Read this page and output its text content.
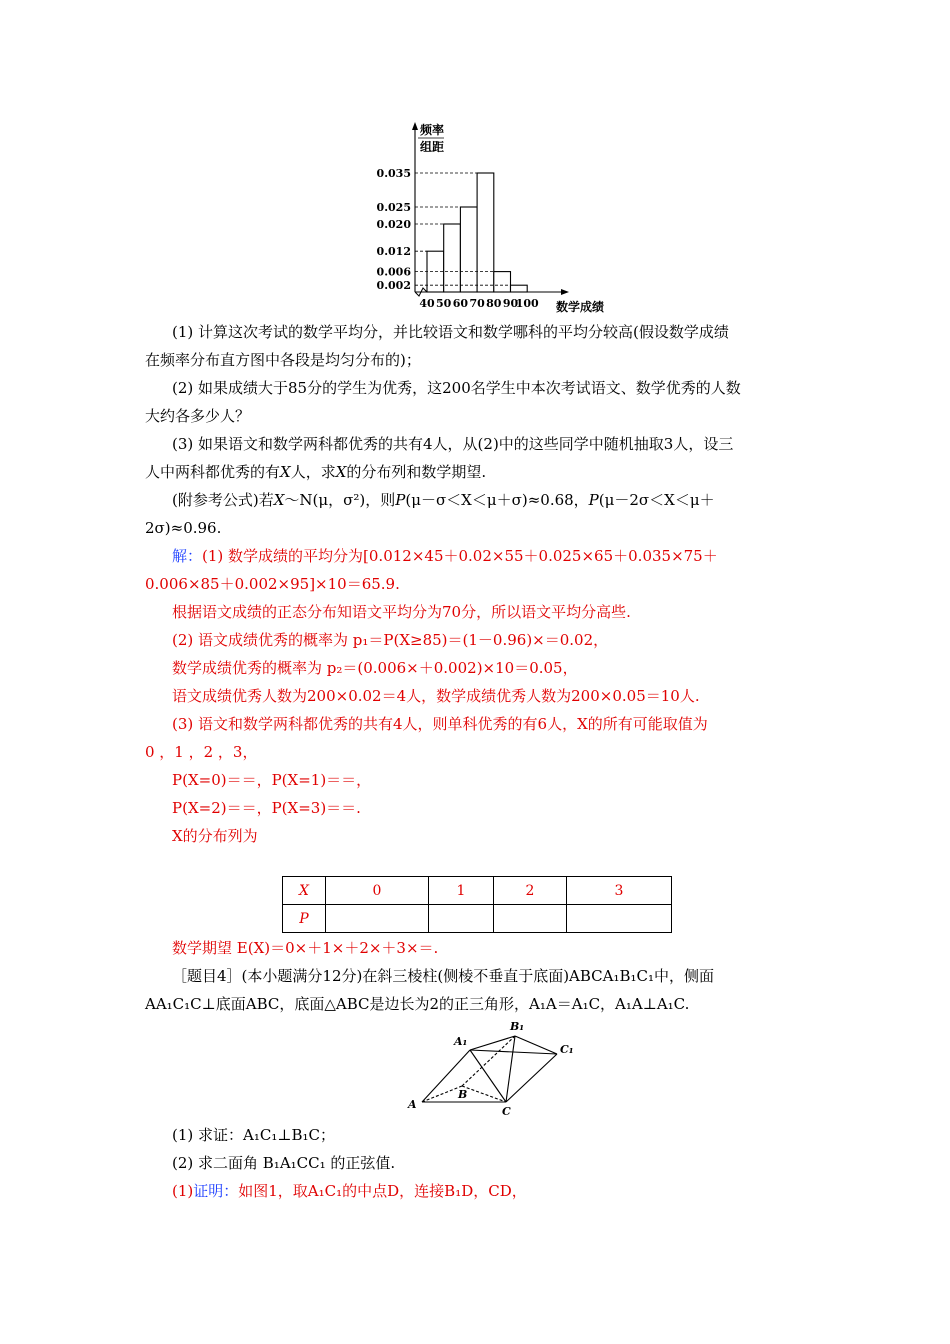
0.035
0.025
0.020
0.012
0.006
0.002
40 50 60 70 80 90
100
频率
组距
数学成绩
(1) 计算这次考试的数学平均分，并比较语文和数学哪科的平均分较高(假设数学成绩
在频率分布直方图中各段是均匀分布的)；
(2) 如果成绩大于85分的学生为优秀，这200名学生中本次考试语文、数学优秀的人数
大约各多少人？
(3) 如果语文和数学两科都优秀的共有4人，从(2)中的这些同学中随机抽取3人，设三
人中两科都优秀的有X人，求X的分布列和数学期望.
(附参考公式)若X～N(μ，σ²)，则P(μ－σ＜X＜μ＋σ)≈0.68，P(μ－2σ＜X＜μ＋
2σ)≈0.96.
解：(1) 数学成绩的平均分为[0.012×45＋0.02×55＋0.025×65＋0.035×75＋
0.006×85＋0.002×95]×10＝65.9.
根据语文成绩的正态分布知语文平均分为70分，所以语文平均分高些.
(2) 语文成绩优秀的概率为 p₁＝P(X≥85)＝(1－0.96)×＝0.02，
数学成绩优秀的概率为 p₂＝(0.006×＋0.002)×10＝0.05，
语文成绩优秀人数为200×0.02＝4人，数学成绩优秀人数为200×0.05＝10人.
(3) 语文和数学两科都优秀的共有4人，则单科优秀的有6人，X的所有可能取值为
0 ，1 ，2 ，3，
P(X=0)＝＝，P(X=1)＝＝，
P(X=2)＝＝，P(X=3)＝＝.
X的分布列为
X	0	1	2	3
P				
数学期望 E(X)＝0×＋1×＋2×＋3×＝.
［题目4］(本小题满分12分)在斜三棱柱(侧棱不垂直于底面)ABCA₁B₁C₁中，侧面
AA₁C₁C⊥底面ABC，底面△ABC是边长为2的正三角形，A₁A＝A₁C，A₁A⊥A₁C.
A
B
C
A₁
B₁
C₁
(1) 求证：A₁C₁⊥B₁C；
(2) 求二面角 B₁A₁CC₁ 的正弦值.
(1)证明：如图1，取A₁C₁的中点D，连接B₁D，CD，
